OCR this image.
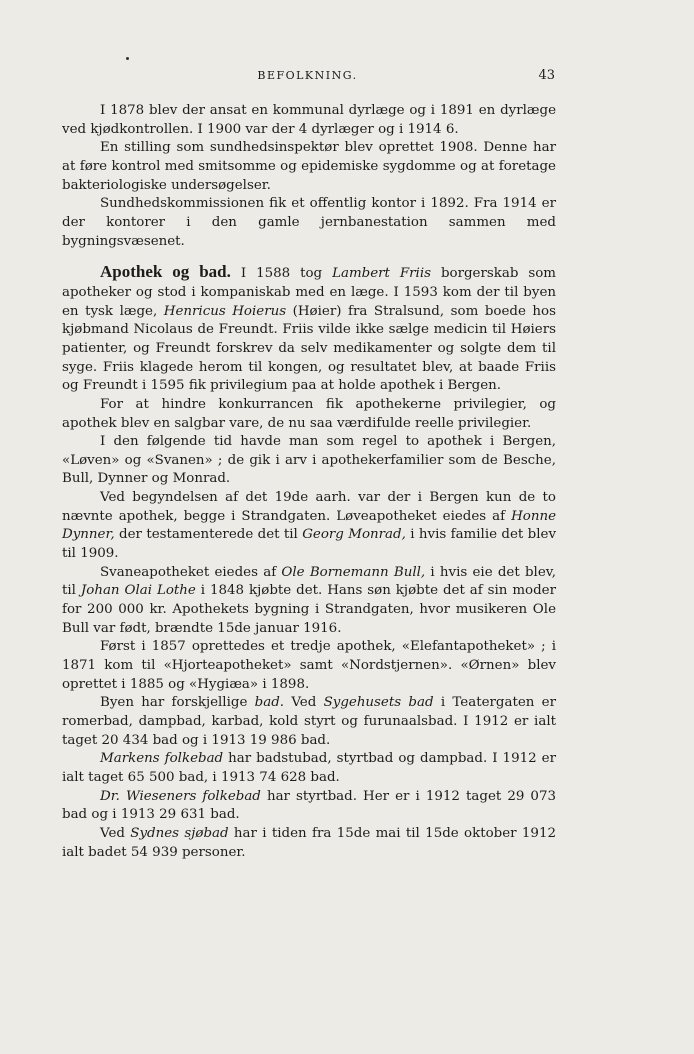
BEFOLKNING.	43

I 1878 blev der ansat en kommunal dyrlæge og i 1891 en dyrlæge ved kjødkontrollen. I 1900 var der 4 dyrlæger og i 1914 6.

En stilling som sundhedsinspektør blev oprettet 1908. Denne har at føre kontrol med smitsomme og epidemiske sygdomme og at foretage bakteriologiske undersøgelser.

Sundhedskommissionen fik et offentlig kontor i 1892. Fra 1914 er der kontorer i den gamle jernbanestation sammen med bygningsvæsenet.

Apothek og bad. I 1588 tog Lambert Friis borgerskab som apotheker og stod i kompaniskab med en læge. I 1593 kom der til byen en tysk læge, Henricus Hoierus (Høier) fra Stralsund, som boede hos kjøbmand Nicolaus de Freundt. Friis vilde ikke sælge medicin til Høiers patienter, og Freundt forskrev da selv medikamenter og solgte dem til syge. Friis klagede herom til kongen, og resultatet blev, at baade Friis og Freundt i 1595 fik privilegium paa at holde apothek i Bergen.

For at hindre konkurrancen fik apothekerne privilegier, og apothek blev en salgbar vare, de nu saa værdifulde reelle privilegier.

I den følgende tid havde man som regel to apothek i Bergen, «Løven» og «Svanen» ; de gik i arv i apothekerfamilier som de Besche, Bull, Dynner og Monrad.

Ved begyndelsen af det 19de aarh. var der i Bergen kun de to nævnte apothek, begge i Strandgaten. Løveapotheket eiedes af Honne Dynner, der testamenterede det til Georg Monrad, i hvis familie det blev til 1909.

Svaneapotheket eiedes af Ole Bornemann Bull, i hvis eie det blev, til Johan Olai Lothe i 1848 kjøbte det. Hans søn kjøbte det af sin moder for 200 000 kr. Apothekets bygning i Strandgaten, hvor musikeren Ole Bull var født, brændte 15de januar 1916.

Først i 1857 oprettedes et tredje apothek, «Elefantapotheket» ; i 1871 kom til «Hjorteapotheket» samt «Nordstjernen». «Ørnen» blev oprettet i 1885 og «Hygiæa» i 1898.

Byen har forskjellige bad. Ved Sygehusets bad i Teatergaten er romerbad, dampbad, karbad, kold styrt og furunaalsbad. I 1912 er ialt taget 20 434 bad og i 1913 19 986 bad.

Markens folkebad har badstubad, styrtbad og dampbad. I 1912 er ialt taget 65 500 bad, i 1913 74 628 bad.

Dr. Wieseners folkebad har styrtbad. Her er i 1912 taget 29 073 bad og i 1913 29 631 bad.

Ved Sydnes sjøbad har i tiden fra 15de mai til 15de oktober 1912 ialt badet 54 939 personer.
